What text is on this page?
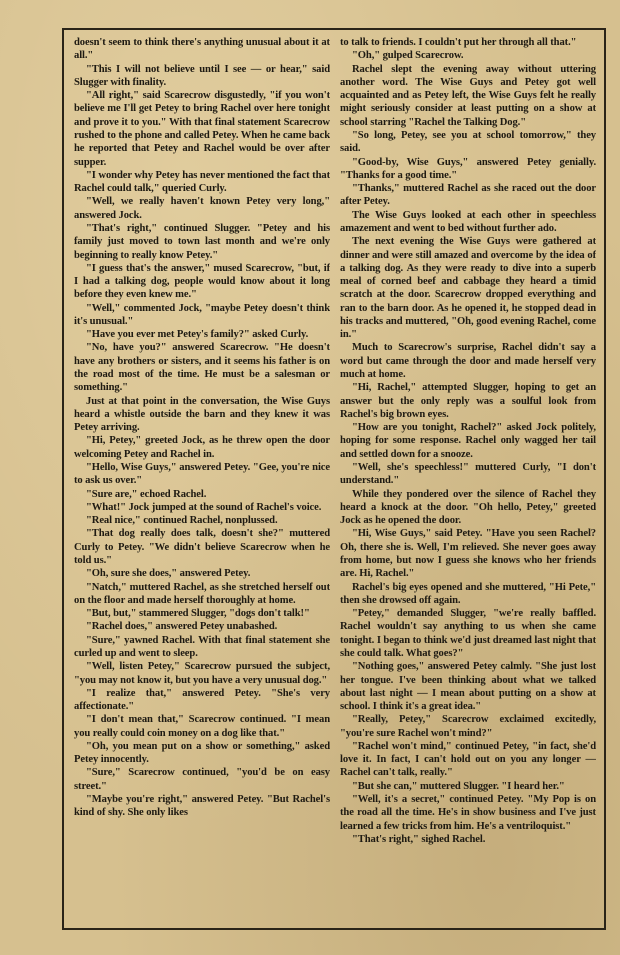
doesn't seem to think there's anything unusual about it at all."

"This I will not believe until I see — or hear," said Slugger with finality.

"All right," said Scarecrow disgustedly, "if you won't believe me I'll get Petey to bring Rachel over here tonight and prove it to you." With that final statement Scarecrow rushed to the phone and called Petey. When he came back he reported that Petey and Rachel would be over after supper.

"I wonder why Petey has never mentioned the fact that Rachel could talk," queried Curly.

"Well, we really haven't known Petey very long," answered Jock.

"That's right," continued Slugger. "Petey and his family just moved to town last month and we're only beginning to really know Petey."

"I guess that's the answer," mused Scarecrow, "but, if I had a talking dog, people would know about it long before they even knew me."

"Well," commented Jock, "maybe Petey doesn't think it's unusual."

"Have you ever met Petey's family?" asked Curly.

"No, have you?" answered Scarecrow. "He doesn't have any brothers or sisters, and it seems his father is on the road most of the time. He must be a salesman or something."

Just at that point in the conversation, the Wise Guys heard a whistle outside the barn and they knew it was Petey arriving.

"Hi, Petey," greeted Jock, as he threw open the door welcoming Petey and Rachel in.

"Hello, Wise Guys," answered Petey. "Gee, you're nice to ask us over."

"Sure are," echoed Rachel.

"What!" Jock jumped at the sound of Rachel's voice.

"Real nice," continued Rachel, nonplussed.

"That dog really does talk, doesn't she?" muttered Curly to Petey. "We didn't believe Scarecrow when he told us."

"Oh, sure she does," answered Petey.

"Natch," muttered Rachel, as she stretched herself out on the floor and made herself thoroughly at home.

"But, but," stammered Slugger, "dogs don't talk!"

"Rachel does," answered Petey unabashed.

"Sure," yawned Rachel. With that final statement she curled up and went to sleep.

"Well, listen Petey," Scarecrow pursued the subject, "you may not know it, but you have a very unusual dog."

"I realize that," answered Petey. "She's very affectionate."

"I don't mean that," Scarecrow continued. "I mean you really could coin money on a dog like that."

"Oh, you mean put on a show or something," asked Petey innocently.

"Sure," Scarecrow continued, "you'd be on easy street."

"Maybe you're right," answered Petey. "But Rachel's kind of shy. She only likes

to talk to friends. I couldn't put her through all that."

"Oh," gulped Scarecrow.

Rachel slept the evening away without uttering another word. The Wise Guys and Petey got well acquainted and as Petey left, the Wise Guys felt he really might seriously consider at least putting on a show at school starring "Rachel the Talking Dog."

"So long, Petey, see you at school tomorrow," they said.

"Good-by, Wise Guys," answered Petey genially. "Thanks for a good time."

"Thanks," muttered Rachel as she raced out the door after Petey.

The Wise Guys looked at each other in speechless amazement and went to bed without further ado.

The next evening the Wise Guys were gathered at dinner and were still amazed and overcome by the idea of a talking dog. As they were ready to dive into a superb meal of corned beef and cabbage they heard a timid scratch at the door. Scarecrow dropped everything and ran to the barn door. As he opened it, he stopped dead in his tracks and muttered, "Oh, good evening Rachel, come in."

Much to Scarecrow's surprise, Rachel didn't say a word but came through the door and made herself very much at home.

"Hi, Rachel," attempted Slugger, hoping to get an answer but the only reply was a soulful look from Rachel's big brown eyes.

"How are you tonight, Rachel?" asked Jock politely, hoping for some response. Rachel only wagged her tail and settled down for a snooze.

"Well, she's speechless!" muttered Curly, "I don't understand."

While they pondered over the silence of Rachel they heard a knock at the door. "Oh hello, Petey," greeted Jock as he opened the door.

"Hi, Wise Guys," said Petey. "Have you seen Rachel? Oh, there she is. Well, I'm relieved. She never goes away from home, but now I guess she knows who her friends are. Hi, Rachel."

Rachel's big eyes opened and she muttered, "Hi Pete," then she drowsed off again.

"Petey," demanded Slugger, "we're really baffled. Rachel wouldn't say anything to us when she came tonight. I began to think we'd just dreamed last night that she could talk. What goes?"

"Nothing goes," answered Petey calmly. "She just lost her tongue. I've been thinking about what we talked about last night — I mean about putting on a show at school. I think it's a great idea."

"Really, Petey," Scarecrow exclaimed excitedly, "you're sure Rachel won't mind?"

"Rachel won't mind," continued Petey, "in fact, she'd love it. In fact, I can't hold out on you any longer — Rachel can't talk, really."

"But she can," muttered Slugger. "I heard her."

"Well, it's a secret," continued Petey. "My Pop is on the road all the time. He's in show business and I've just learned a few tricks from him. He's a ventriloquist."

"That's right," sighed Rachel.
